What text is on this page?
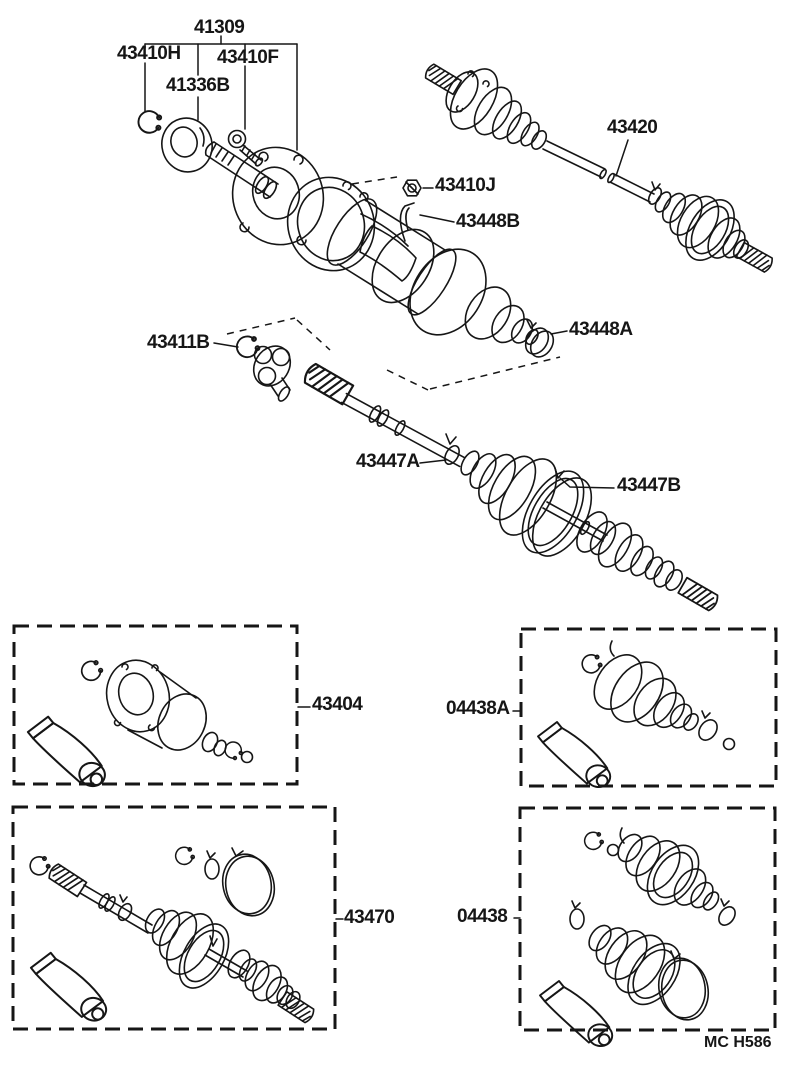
41309
43410H 43410F
41336B
43420
43410J
43448B
43448A
43411B
43447A
43447B
43404	04438A
43470	04438
MC H586
